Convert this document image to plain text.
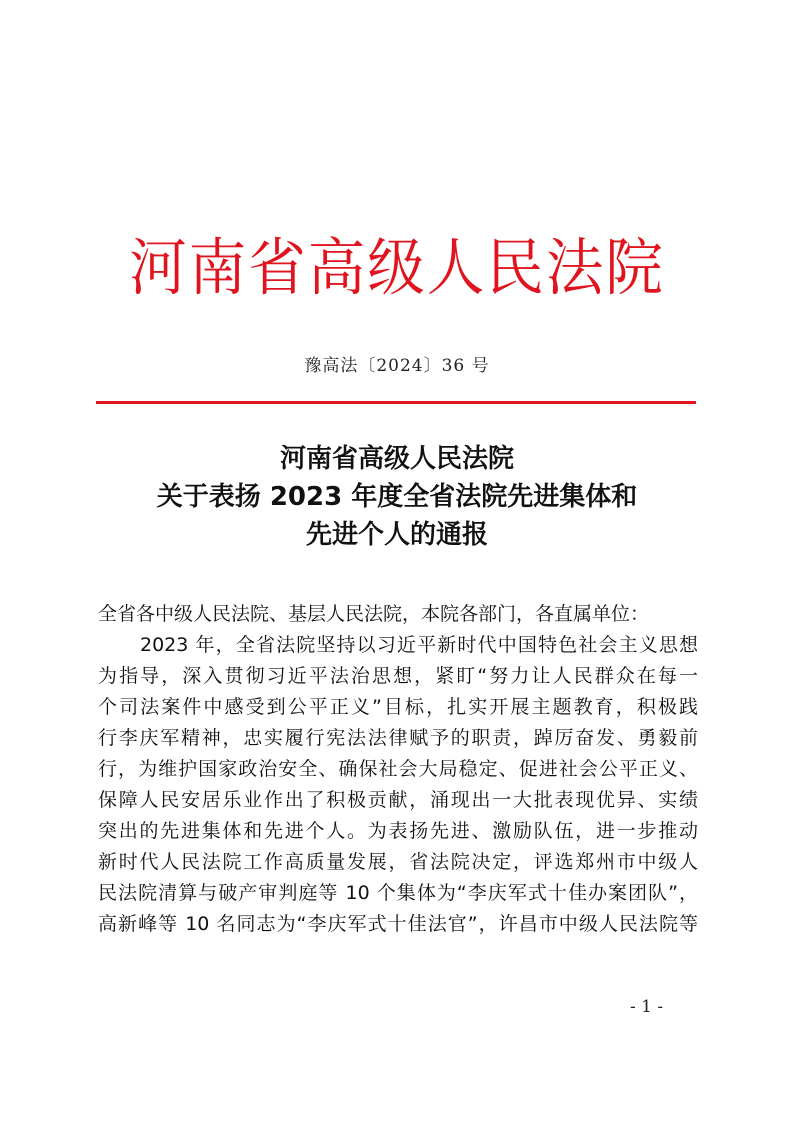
河南省高级人民法院
豫高法〔2024〕36 号
河南省高级人民法院
关于表扬 2023 年度全省法院先进集体和
先进个人的通报
全省各中级人民法院、基层人民法院，本院各部门，各直属单位：
2023 年，全省法院坚持以习近平新时代中国特色社会主义思想
为指导，深入贯彻习近平法治思想，紧盯“努力让人民群众在每一
个司法案件中感受到公平正义”目标，扎实开展主题教育，积极践
行李庆军精神，忠实履行宪法法律赋予的职责，踔厉奋发、勇毅前
行，为维护国家政治安全、确保社会大局稳定、促进社会公平正义、
保障人民安居乐业作出了积极贡献，涌现出一大批表现优异、实绩
突出的先进集体和先进个人。为表扬先进、激励队伍，进一步推动
新时代人民法院工作高质量发展，省法院决定，评选郑州市中级人
民法院清算与破产审判庭等 10 个集体为“李庆军式十佳办案团队”，
高新峰等 10 名同志为“李庆军式十佳法官”，许昌市中级人民法院等
- 1 -
